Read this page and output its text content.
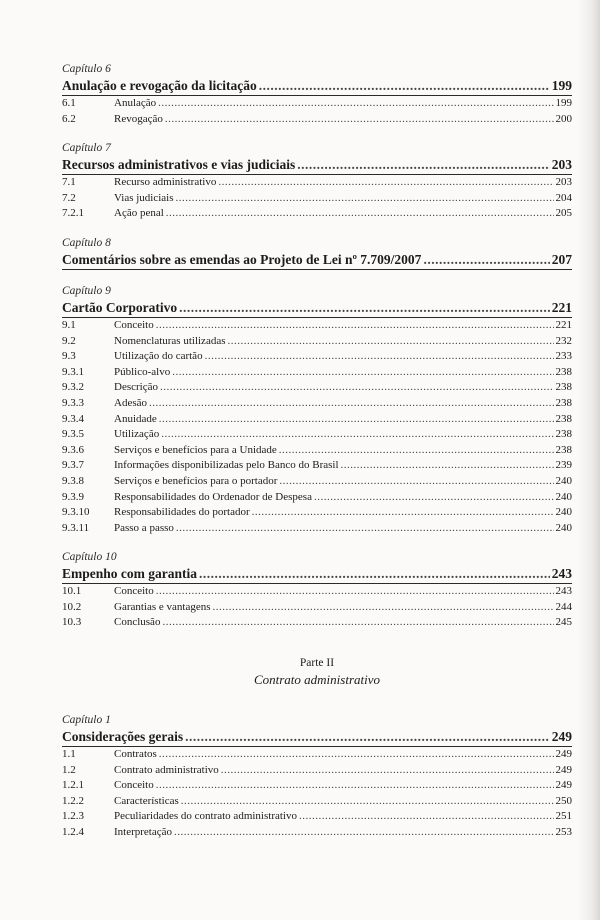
Capítulo 6
Anulação e revogação da licitação .....	199
6.1	Anulação .....	199
6.2	Revogação .....	200
Capítulo 7
Recursos administrativos e vias judiciais .....	203
7.1	Recurso administrativo .....	203
7.2	Vias judiciais .....	204
7.2.1	Ação penal .....	205
Capítulo 8
Comentários sobre as emendas ao Projeto de Lei nº 7.709/2007 .....	207
Capítulo 9
Cartão Corporativo .....	221
9.1	Conceito .....	221
9.2	Nomenclaturas utilizadas .....	232
9.3	Utilização do cartão .....	233
9.3.1	Público-alvo .....	238
9.3.2	Descrição .....	238
9.3.3	Adesão .....	238
9.3.4	Anuidade .....	238
9.3.5	Utilização .....	238
9.3.6	Serviços e benefícios para a Unidade .....	238
9.3.7	Informações disponibilizadas pelo Banco do Brasil .....	239
9.3.8	Serviços e benefícios para o portador .....	240
9.3.9	Responsabilidades do Ordenador de Despesa .....	240
9.3.10	Responsabilidades do portador .....	240
9.3.11	Passo a passo .....	240
Capítulo 10
Empenho com garantia .....	243
10.1	Conceito .....	243
10.2	Garantias e vantagens .....	244
10.3	Conclusão .....	245
Parte II
Contrato administrativo
Capítulo 1
Considerações gerais .....	249
1.1	Contratos .....	249
1.2	Contrato administrativo .....	249
1.2.1	Conceito .....	249
1.2.2	Características .....	250
1.2.3	Peculiaridades do contrato administrativo .....	251
1.2.4	Interpretação .....	253
